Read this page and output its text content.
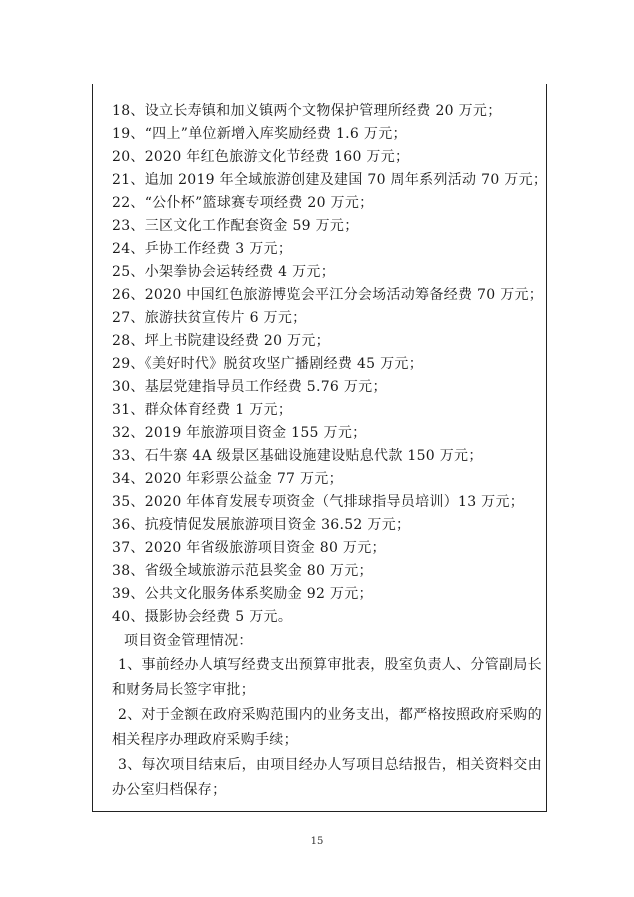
18、设立长寿镇和加义镇两个文物保护管理所经费 20 万元；
19、“四上”单位新增入库奖励经费 1.6 万元；
20、2020 年红色旅游文化节经费 160 万元；
21、追加 2019 年全域旅游创建及建国 70 周年系列活动 70 万元；
22、“公仆杯”篮球赛专项经费 20 万元；
23、三区文化工作配套资金 59 万元；
24、乒协工作经费 3 万元；
25、小架拳协会运转经费 4 万元；
26、2020 中国红色旅游博览会平江分会场活动筹备经费 70 万元；
27、旅游扶贫宣传片 6 万元；
28、坪上书院建设经费 20 万元；
29、《美好时代》脱贫攻坚广播剧经费 45 万元；
30、基层党建指导员工作经费 5.76 万元；
31、群众体育经费 1 万元；
32、2019 年旅游项目资金 155 万元；
33、石牛寨 4A 级景区基础设施建设贴息代款 150 万元；
34、2020 年彩票公益金 77 万元；
35、2020 年体育发展专项资金（气排球指导员培训）13 万元；
36、抗疫情促发展旅游项目资金 36.52 万元；
37、2020 年省级旅游项目资金 80 万元；
38、省级全域旅游示范县奖金 80 万元；
39、公共文化服务体系奖励金 92 万元；
40、摄影协会经费 5 万元。
项目资金管理情况：
1、事前经办人填写经费支出预算审批表，股室负责人、分管副局长
和财务局长签字审批；
2、对于金额在政府采购范围内的业务支出，都严格按照政府采购的
相关程序办理政府采购手续；
3、每次项目结束后，由项目经办人写项目总结报告，相关资料交由
办公室归档保存；
15
